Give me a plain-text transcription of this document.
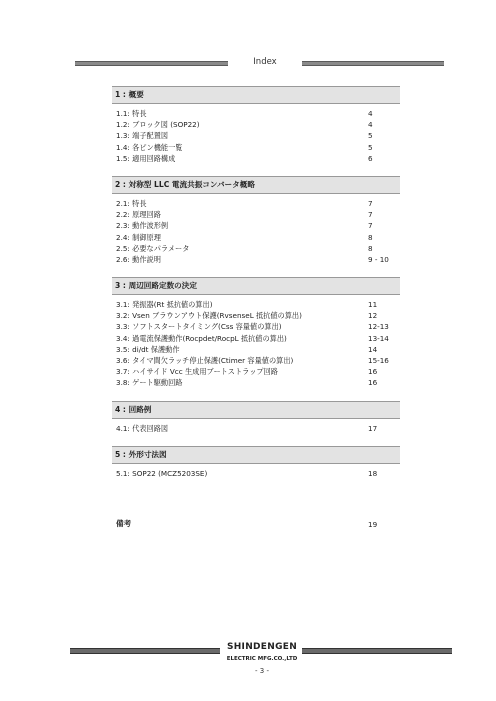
Index
1 : 概要
1.1: 特長	4
1.2: ブロック図 (SOP22)	4
1.3: 端子配置図	5
1.4: 各ピン機能一覧	5
1.5: 適用回路構成	6
2 : 対称型 LLC 電流共振コンバータ概略
2.1: 特長	7
2.2: 原理回路	7
2.3: 動作波形例	7
2.4: 制御原理	8
2.5: 必要なパラメータ	8
2.6: 動作説明	9 - 10
3 : 周辺回路定数の決定
3.1: 発振器(Rt 抵抗値の算出)	11
3.2: Vsen ブラウンアウト保護(RvsenseL 抵抗値の算出)	12
3.3: ソフトスタートタイミング(Css 容量値の算出)	12-13
3.4: 過電流保護動作(Rocpdet/RocpL 抵抗値の算出)	13-14
3.5: di/dt 保護動作	14
3.6: タイマ間欠ラッチ停止保護(Ctimer 容量値の算出)	15-16
3.7: ハイサイド Vcc 生成用ブートストラップ回路	16
3.8: ゲート駆動回路	16
4 : 回路例
4.1: 代表回路図	17
5 : 外形寸法図
5.1: SOP22 (MCZ5203SE)	18
備考	19
SHINDENGEN
ELECTRIC MFG.CO.,LTD
- 3 -
